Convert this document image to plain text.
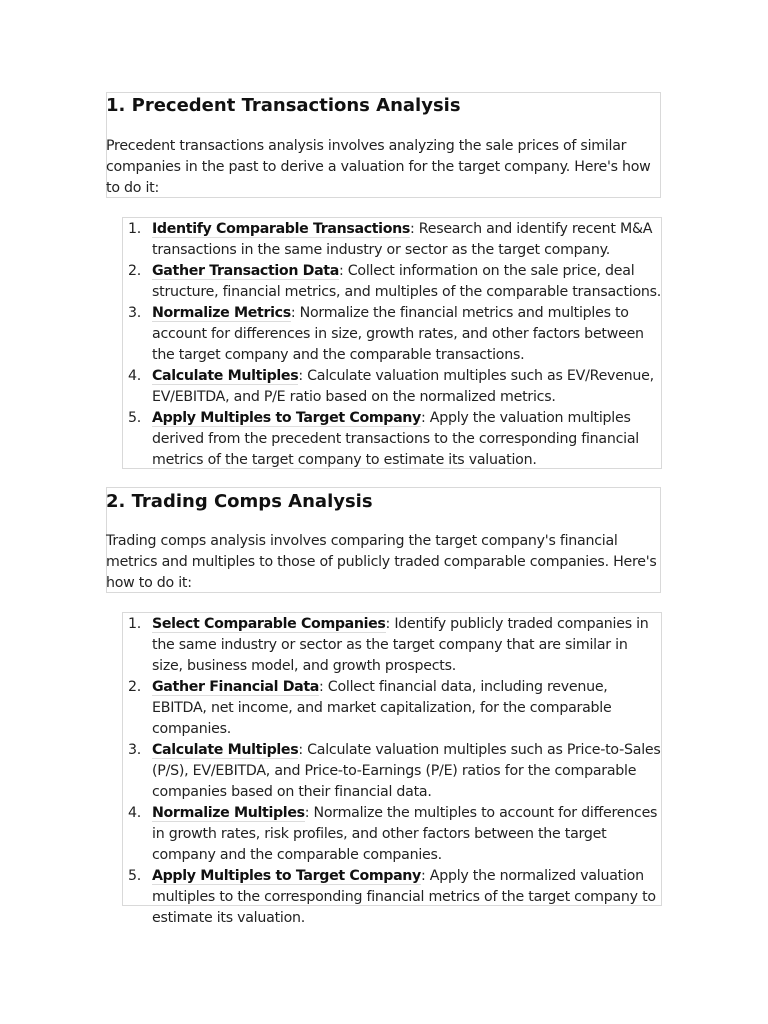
1. Precedent Transactions Analysis

Precedent transactions analysis involves analyzing the sale prices of similar companies in the past to derive a valuation for the target company. Here's how to do it:

1. Identify Comparable Transactions: Research and identify recent M&A transactions in the same industry or sector as the target company.
2. Gather Transaction Data: Collect information on the sale price, deal structure, financial metrics, and multiples of the comparable transactions.
3. Normalize Metrics: Normalize the financial metrics and multiples to account for differences in size, growth rates, and other factors between the target company and the comparable transactions.
4. Calculate Multiples: Calculate valuation multiples such as EV/Revenue, EV/EBITDA, and P/E ratio based on the normalized metrics.
5. Apply Multiples to Target Company: Apply the valuation multiples derived from the precedent transactions to the corresponding financial metrics of the target company to estimate its valuation.
2. Trading Comps Analysis

Trading comps analysis involves comparing the target company's financial metrics and multiples to those of publicly traded comparable companies. Here's how to do it:

1. Select Comparable Companies: Identify publicly traded companies in the same industry or sector as the target company that are similar in size, business model, and growth prospects.
2. Gather Financial Data: Collect financial data, including revenue, EBITDA, net income, and market capitalization, for the comparable companies.
3. Calculate Multiples: Calculate valuation multiples such as Price-to-Sales (P/S), EV/EBITDA, and Price-to-Earnings (P/E) ratios for the comparable companies based on their financial data.
4. Normalize Multiples: Normalize the multiples to account for differences in growth rates, risk profiles, and other factors between the target company and the comparable companies.
5. Apply Multiples to Target Company: Apply the normalized valuation multiples to the corresponding financial metrics of the target company to estimate its valuation.
